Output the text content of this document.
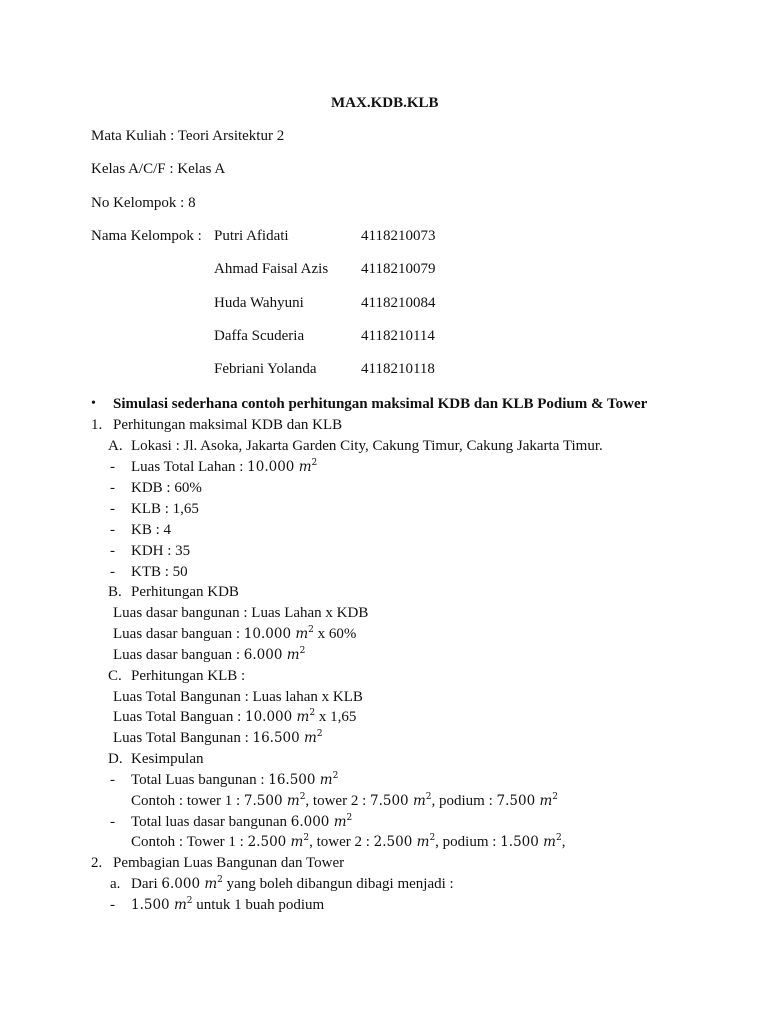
MAX.KDB.KLB
Mata Kuliah : Teori Arsitektur 2
Kelas A/C/F : Kelas A
No Kelompok : 8
Nama Kelompok : Putri Afidati	4118210073
Ahmad Faisal Azis 4118210079
Huda Wahyuni	4118210084
Daffa Scuderia	4118210114
Febriani Yolanda	4118210118
• Simulasi sederhana contoh perhitungan maksimal KDB dan KLB Podium & Tower
1. Perhitungan maksimal KDB dan KLB
A. Lokasi : Jl. Asoka, Jakarta Garden City, Cakung Timur, Cakung Jakarta Timur.
- Luas Total Lahan : 10.000 $m^2$
- KDB : 60%
- KLB : 1,65
- KB : 4
- KDH : 35
- KTB : 50
B. Perhitungan KDB
Luas dasar bangunan : Luas Lahan x KDB
Luas dasar banguan : 10.000 $m^2$ x 60%
Luas dasar banguan : 6.000 $m^2$
C. Perhitungan KLB :
Luas Total Bangunan : Luas lahan x KLB
Luas Total Banguan : 10.000 $m^2$ x 1,65
Luas Total Bangunan : 16.500 $m^2$
D. Kesimpulan
- Total Luas bangunan : 16.500 $m^2$
Contoh : tower 1 : 7.500 $m^2$, tower 2 : 7.500 $m^2$, podium : 7.500 $m^2$
- Total luas dasar bangunan 6.000 $m^2$
Contoh : Tower 1 : 2.500 $m^2$, tower 2 : 2.500 $m^2$, podium : 1.500 $m^2$,
2. Pembagian Luas Bangunan dan Tower
a. Dari 6.000 $m^2$ yang boleh dibangun dibagi menjadi :
- 1.500 $m^2$ untuk 1 buah podium
